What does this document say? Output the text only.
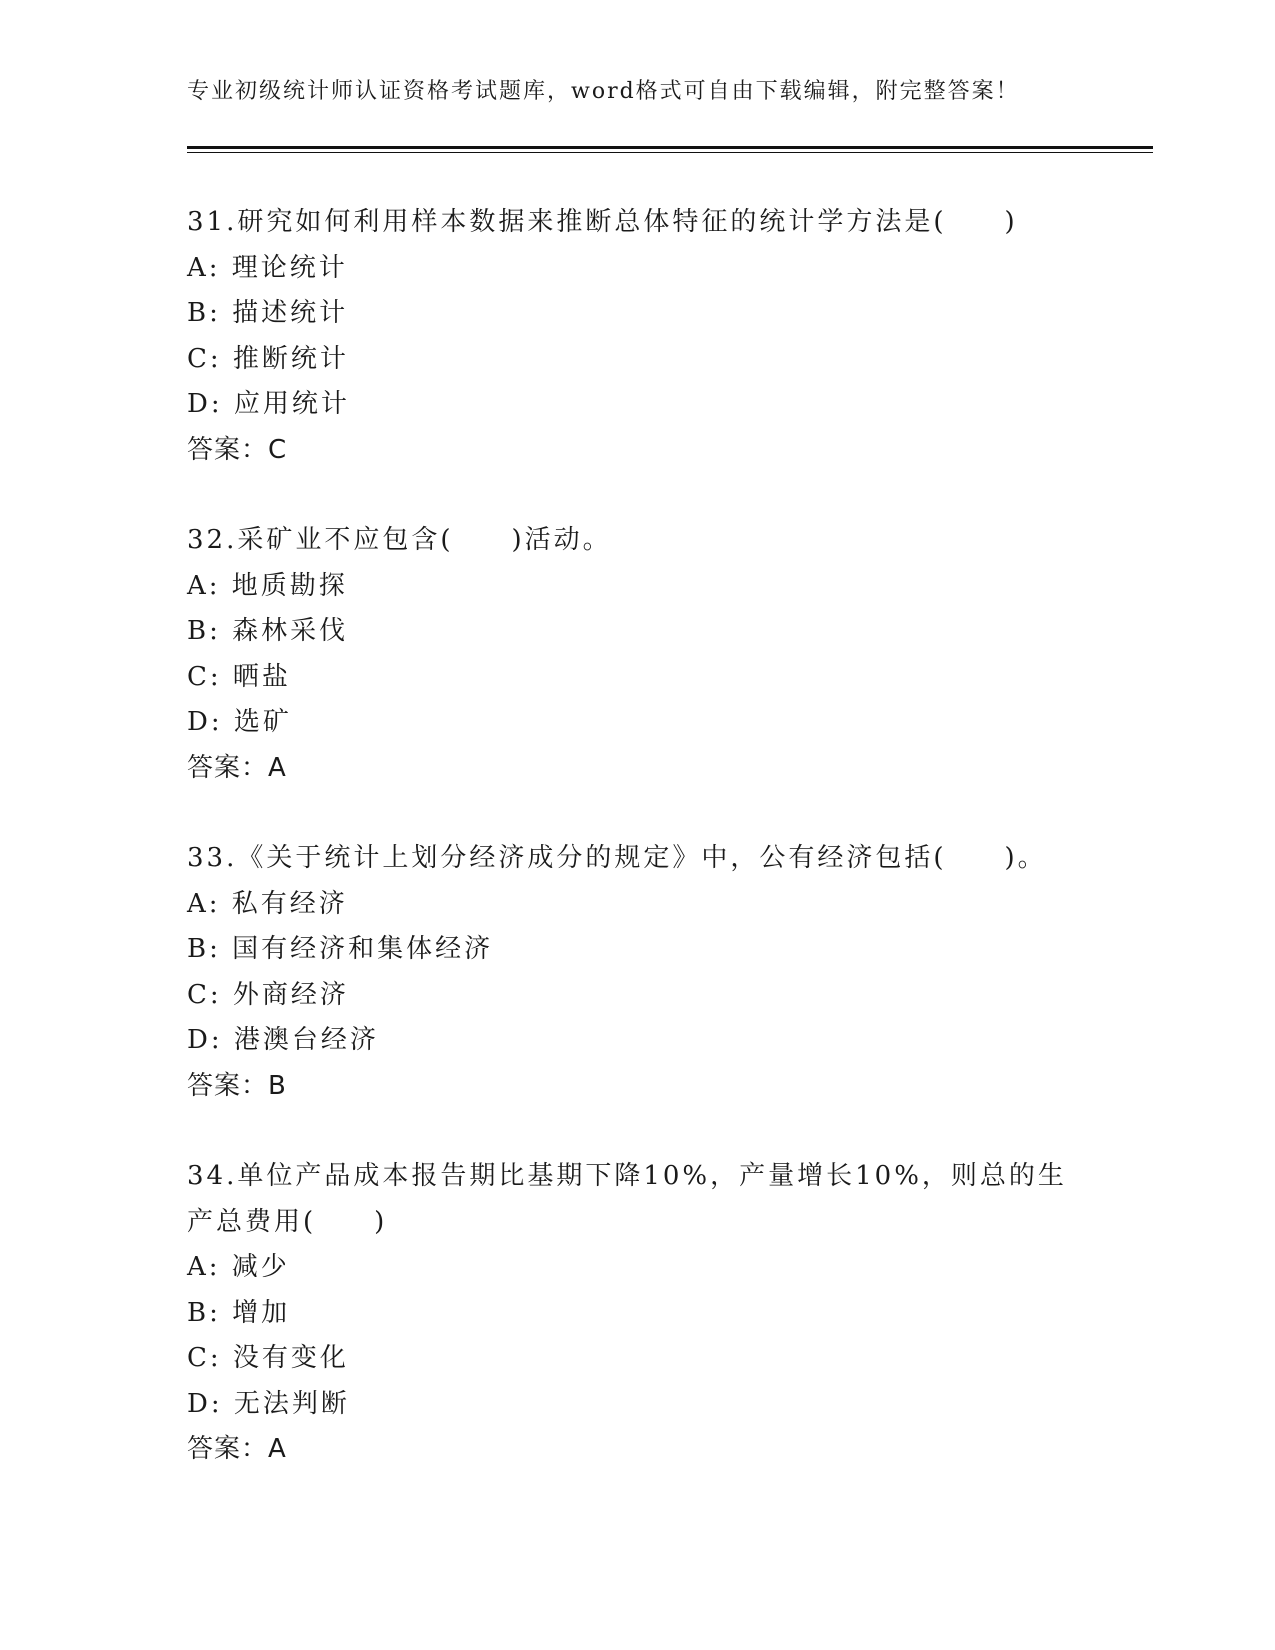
专业初级统计师认证资格考试题库，word格式可自由下载编辑，附完整答案！
31.研究如何利用样本数据来推断总体特征的统计学方法是(　　)
A: 理论统计
B: 描述统计
C: 推断统计
D: 应用统计
答案：C
32.采矿业不应包含(　　)活动。
A: 地质勘探
B: 森林采伐
C: 晒盐
D: 选矿
答案：A
33.《关于统计上划分经济成分的规定》中，公有经济包括(　　)。
A: 私有经济
B: 国有经济和集体经济
C: 外商经济
D: 港澳台经济
答案：B
34.单位产品成本报告期比基期下降10%，产量增长10%，则总的生产总费用(　　)
A: 减少
B: 增加
C: 没有变化
D: 无法判断
答案：A
